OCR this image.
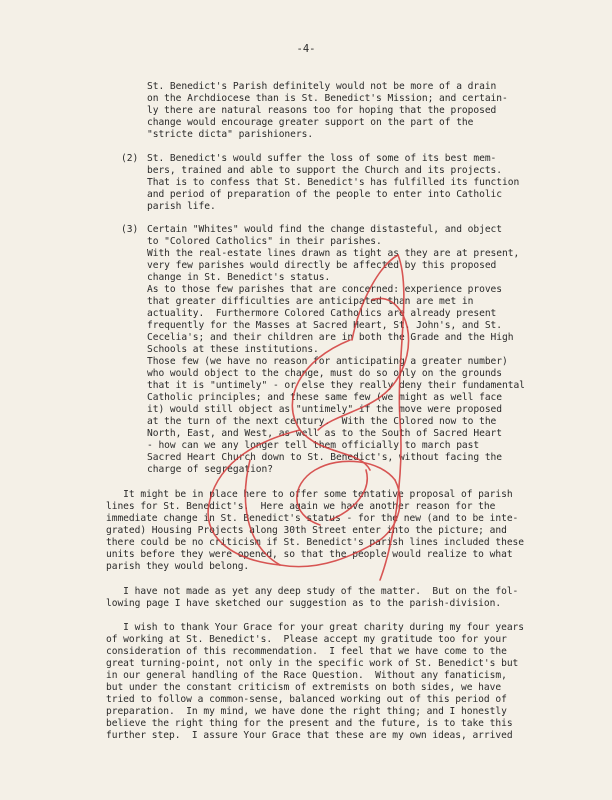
-4-
St. Benedict's Parish definitely would not be more of a drain
on the Archdiocese than is St. Benedict's Mission; and certain-
ly there are natural reasons too for hoping that the proposed
change would encourage greater support on the part of the
"stricte dicta" parishioners.
(2) St. Benedict's would suffer the loss of some of its best mem-
bers, trained and able to support the Church and its projects.
That is to confess that St. Benedict's has fulfilled its function
and period of preparation of the people to enter into Catholic
parish life.
(3) Certain "Whites" would find the change distasteful, and object
to "Colored Catholics" in their parishes.
With the real-estate lines drawn as tight as they are at present,
very few parishes would directly be affected by this proposed
change in St. Benedict's status.
As to those few parishes that are concerned: experience proves
that greater difficulties are anticipated than are met in
actuality.  Furthermore Colored Catholics are already present
frequently for the Masses at Sacred Heart, St. John's, and St.
Cecelia's; and their children are in both the Grade and the High
Schools at these institutions.
Those few (we have no reason for anticipating a greater number)
who would object to the change, must do so only on the grounds
that it is "untimely" - or else they really deny their fundamental
Catholic principles; and these same few (we might as well face
it) would still object as "untimely" if the move were proposed
at the turn of the next century.  With the Colored now to the
North, East, and West, as well as to the South of Sacred Heart
- how can we any longer tell them officially to march past
Sacred Heart Church down to St. Benedict's, without facing the
charge of segregation?
It might be in place here to offer some tentative proposal of parish
lines for St. Benedict's.  Here again we have another reason for the
immediate change in St. Benedict's status - for the new (and to be inte-
grated) Housing Projects along 30th Street enter into the picture; and
there could be no criticism if St. Benedict's parish lines included these
units before they were opened, so that the people would realize to what
parish they would belong.
I have not made as yet any deep study of the matter.  But on the fol-
lowing page I have sketched our suggestion as to the parish-division.
I wish to thank Your Grace for your great charity during my four years
of working at St. Benedict's.  Please accept my gratitude too for your
consideration of this recommendation.  I feel that we have come to the
great turning-point, not only in the specific work of St. Benedict's but
in our general handling of the Race Question.  Without any fanaticism,
but under the constant criticism of extremists on both sides, we have
tried to follow a common-sense, balanced working out of this period of
preparation.  In my mind, we have done the right thing; and I honestly
believe the right thing for the present and the future, is to take this
further step.  I assure Your Grace that these are my own ideas, arrived
